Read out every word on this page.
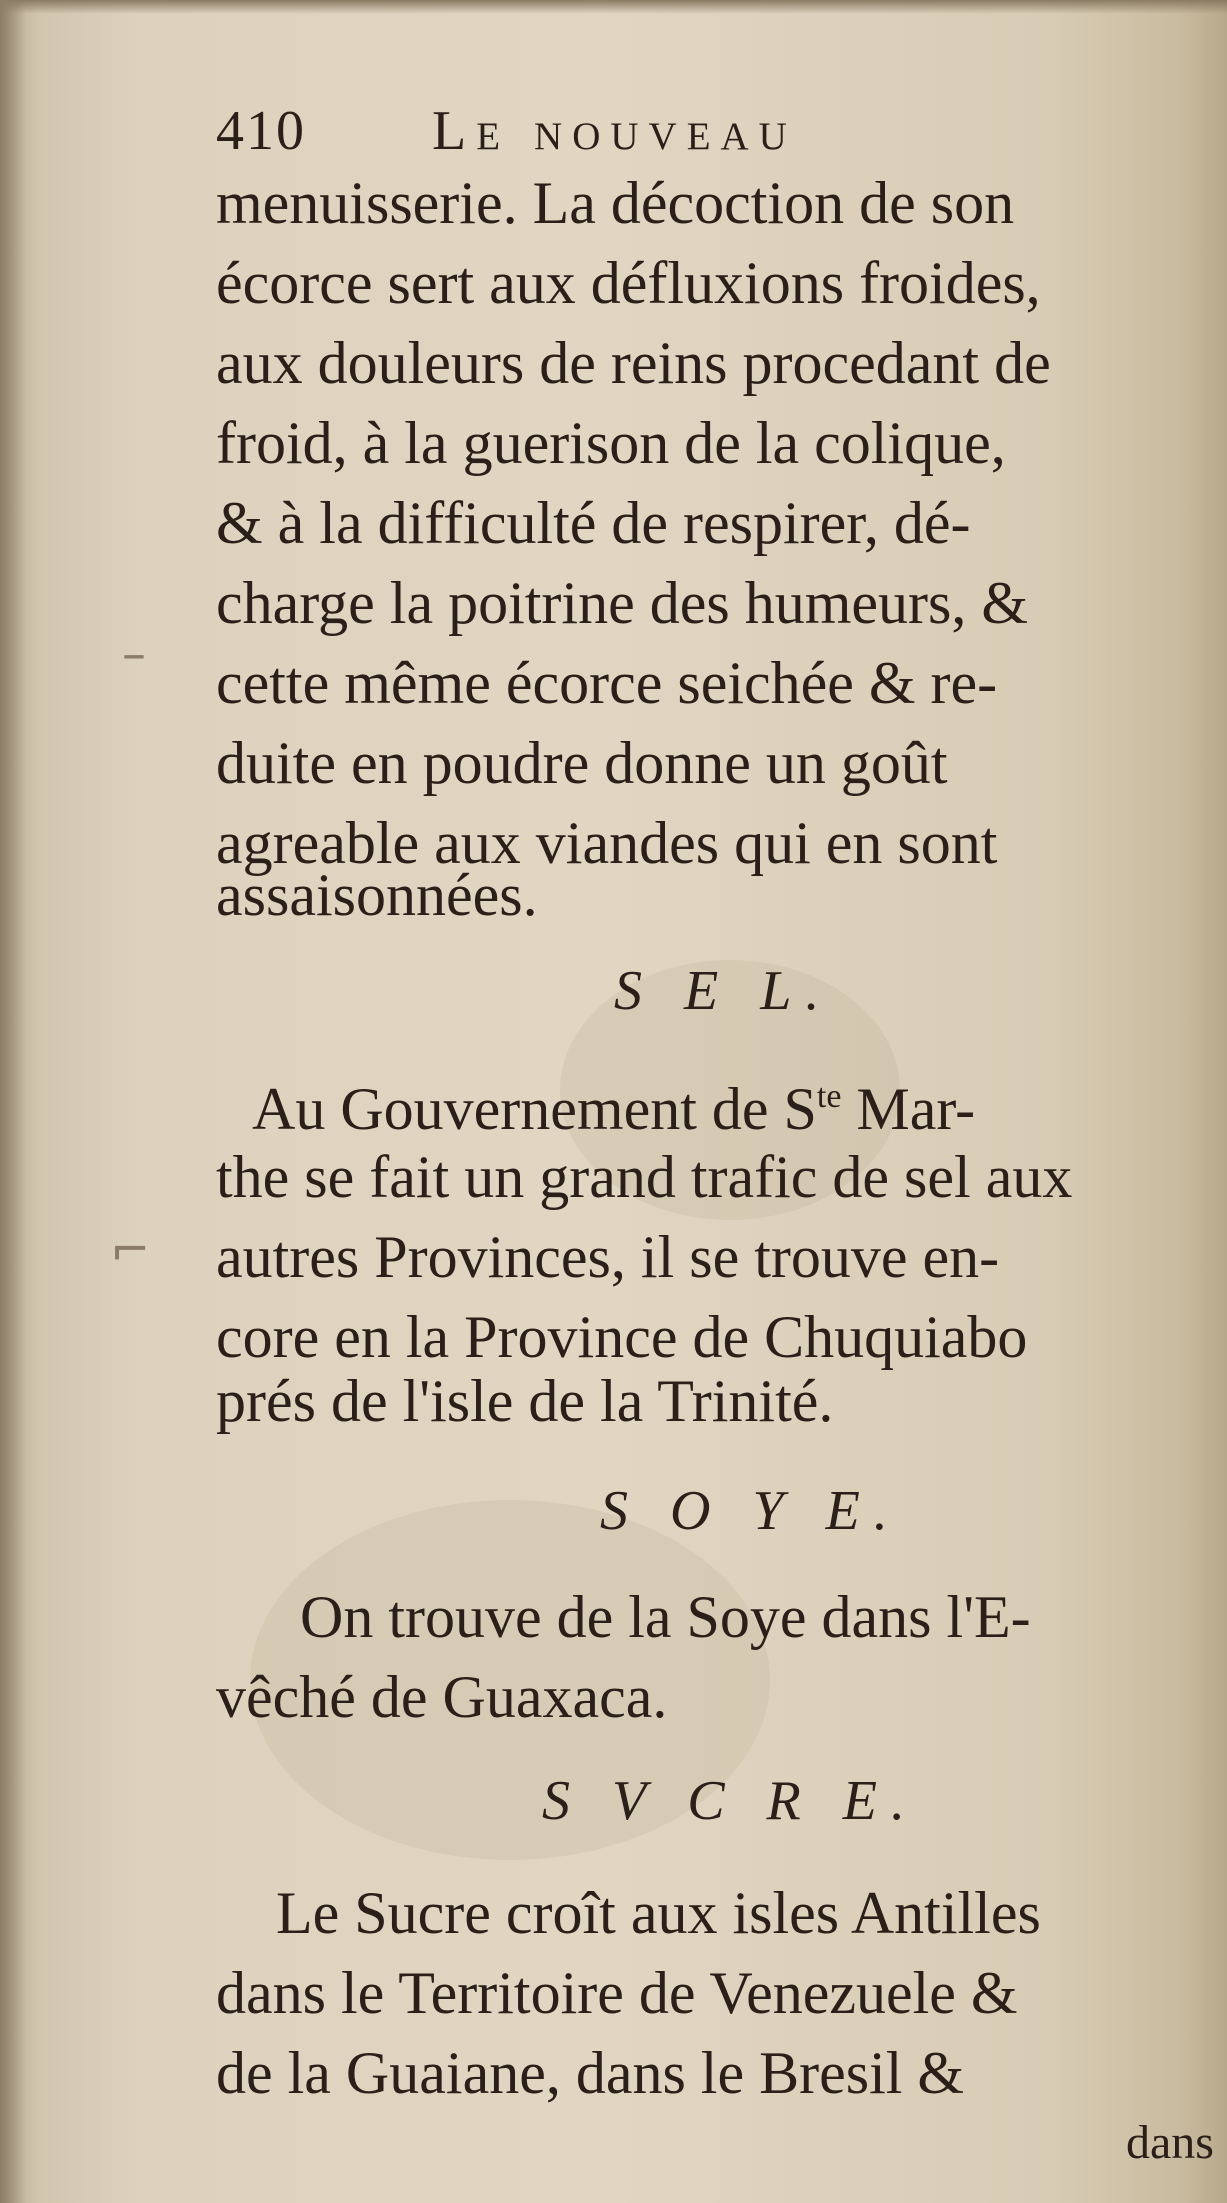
–
⌐
410 Le nouveau
menuisserie. La décoction de son
écorce sert aux défluxions froides,
aux douleurs de reins procedant de
froid, à la guerison de la colique,
& à la difficulté de respirer, dé-
charge la poitrine des humeurs, &
cette même écorce seichée & re-
duite en poudre donne un goût
agreable aux viandes qui en sont
assaisonnées.
S E L.
Au Gouvernement de $S^{te}$ Mar-
the se fait un grand trafic de sel aux
autres Provinces, il se trouve en-
core en la Province de Chuquiabo
prés de l'isle de la Trinité.
S O Y E.
On trouve de la Soye dans l'E-
vêché de Guaxaca.
S V C R E.
Le Sucre croît aux isles Antilles
dans le Territoire de Venezuele &
de la Guaiane, dans le Bresil &
dans
